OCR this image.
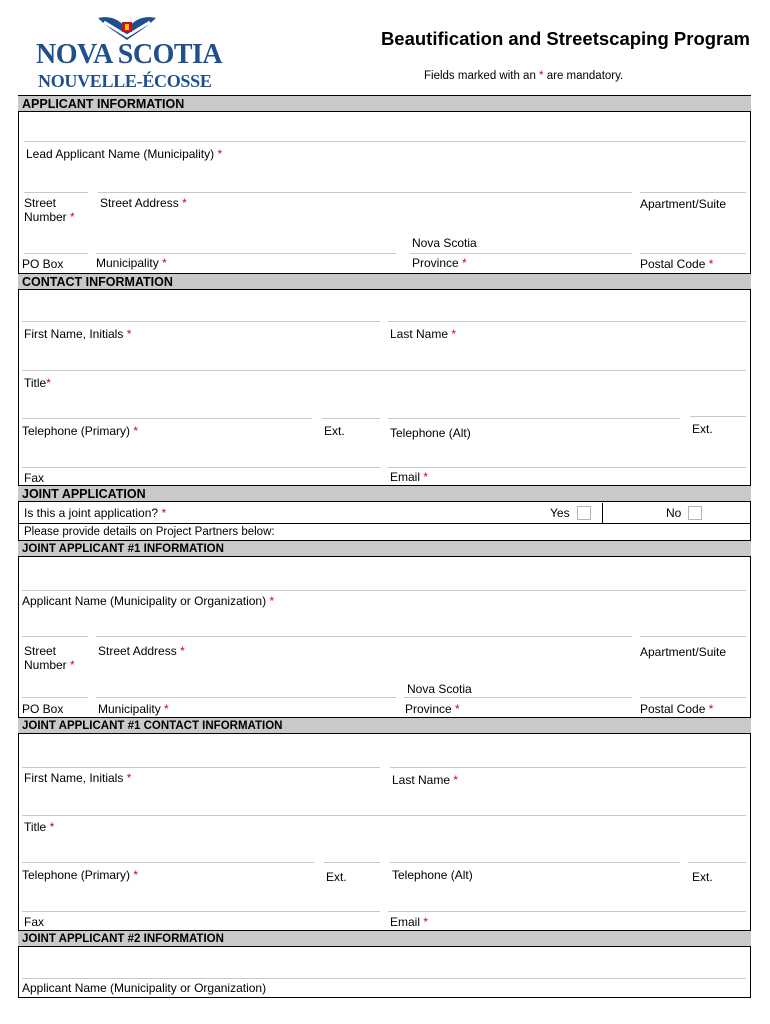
NOVA SCOTIA
NOUVELLE-ÉCOSSE
Beautification and Streetscaping Program
Fields marked with an * are mandatory.
APPLICANT INFORMATION
Lead Applicant Name (Municipality) *
Street
Number *
Street Address *	Apartment/Suite
Nova Scotia
PO Box	Municipality *	Province *	Postal Code *
CONTACT INFORMATION
First Name, Initials *	Last Name *
Title*
Telephone (Primary) *	Ext.	Telephone (Alt)	Ext.
Fax	Email *
JOINT APPLICATION
Is this a joint application? *	Yes	No
Please provide details on Project Partners below:
JOINT APPLICANT #1 INFORMATION
Applicant Name (Municipality or Organization) *
Street
Number *
Street Address *	Apartment/Suite
Nova Scotia
PO Box	Municipality *	Province *	Postal Code *
JOINT APPLICANT #1 CONTACT INFORMATION
First Name, Initials *	Last Name *
Title *
Telephone (Primary) *	Ext.	Telephone (Alt)	Ext.
Fax	Email *
JOINT APPLICANT #2 INFORMATION
Applicant Name (Municipality or Organization)
